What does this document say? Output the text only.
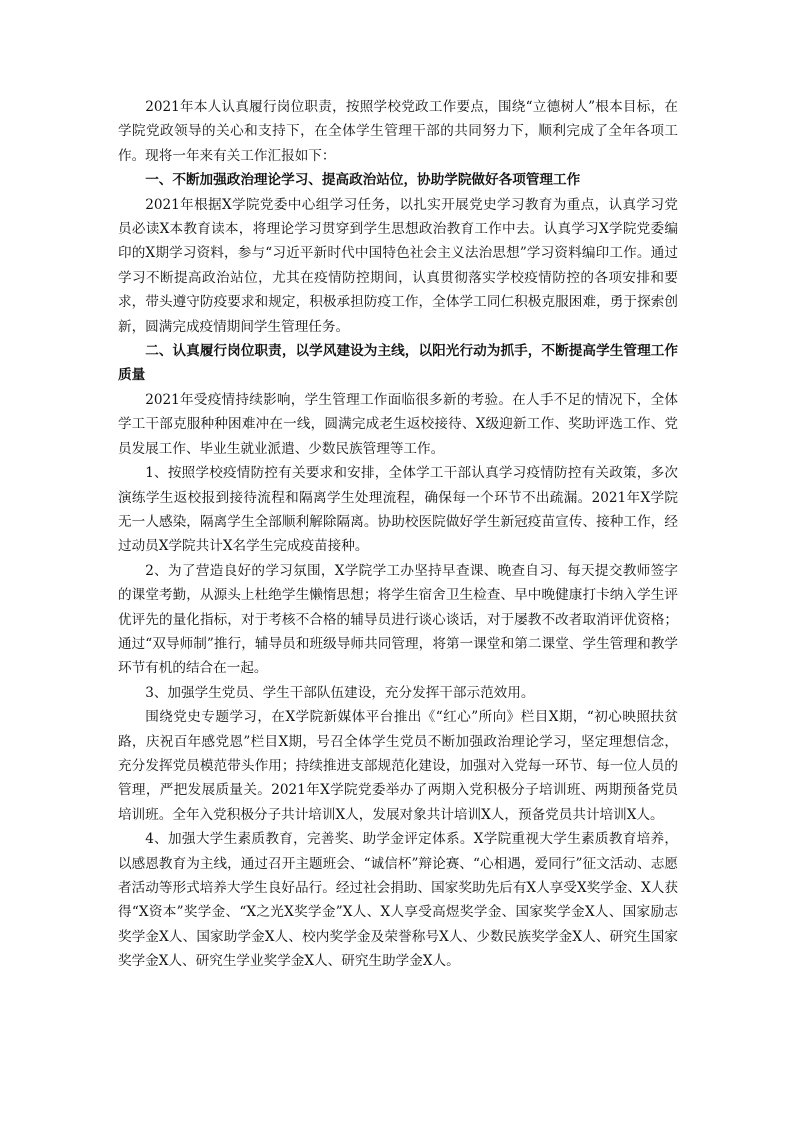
2021年本人认真履行岗位职责，按照学校党政工作要点，围绕“立德树人”根本目标，在学院党政领导的关心和支持下，在全体学生管理干部的共同努力下，顺利完成了全年各项工作。现将一年来有关工作汇报如下：

一、不断加强政治理论学习、提高政治站位，协助学院做好各项管理工作

2021年根据X学院党委中心组学习任务，以扎实开展党史学习教育为重点，认真学习党员必读X本教育读本，将理论学习贯穿到学生思想政治教育工作中去。认真学习X学院党委编印的X期学习资料，参与“习近平新时代中国特色社会主义法治思想”学习资料编印工作。通过学习不断提高政治站位，尤其在疫情防控期间，认真贯彻落实学校疫情防控的各项安排和要求，带头遵守防疫要求和规定，积极承担防疫工作，全体学工同仁积极克服困难，勇于探索创新，圆满完成疫情期间学生管理任务。

二、认真履行岗位职责，以学风建设为主线，以阳光行动为抓手，不断提高学生管理工作质量

2021年受疫情持续影响，学生管理工作面临很多新的考验。在人手不足的情况下，全体学工干部克服种种困难冲在一线，圆满完成老生返校接待、X级迎新工作、奖助评选工作、党员发展工作、毕业生就业派遣、少数民族管理等工作。

1、按照学校疫情防控有关要求和安排，全体学工干部认真学习疫情防控有关政策，多次演练学生返校报到接待流程和隔离学生处理流程，确保每一个环节不出疏漏。2021年X学院无一人感染，隔离学生全部顺利解除隔离。协助校医院做好学生新冠疫苗宣传、接种工作，经过动员X学院共计X名学生完成疫苗接种。

2、为了营造良好的学习氛围，X学院学工办坚持早查课、晚查自习、每天提交教师签字的课堂考勤，从源头上杜绝学生懒惰思想；将学生宿舍卫生检查、早中晚健康打卡纳入学生评优评先的量化指标，对于考核不合格的辅导员进行谈心谈话，对于屡教不改者取消评优资格；通过“双导师制”推行，辅导员和班级导师共同管理，将第一课堂和第二课堂、学生管理和教学环节有机的结合在一起。

3、加强学生党员、学生干部队伍建设，充分发挥干部示范效用。

围绕党史专题学习，在X学院新媒体平台推出《“红心”所向》栏目X期，“初心映照扶贫路，庆祝百年感党恩”栏目X期，号召全体学生党员不断加强政治理论学习，坚定理想信念，充分发挥党员模范带头作用；持续推进支部规范化建设，加强对入党每一环节、每一位人员的管理，严把发展质量关。2021年X学院党委举办了两期入党积极分子培训班、两期预备党员培训班。全年入党积极分子共计培训X人，发展对象共计培训X人，预备党员共计培训X人。

4、加强大学生素质教育，完善奖、助学金评定体系。X学院重视大学生素质教育培养，以感恩教育为主线，通过召开主题班会、“诚信杯”辩论赛、“心相遇，爱同行”征文活动、志愿者活动等形式培养大学生良好品行。经过社会捐助、国家奖助先后有X人享受X奖学金、X人获得“X资本”奖学金、“X之光X奖学金”X人、X人享受高煜奖学金、国家奖学金X人、国家励志奖学金X人、国家助学金X人、校内奖学金及荣誉称号X人、少数民族奖学金X人、研究生国家奖学金X人、研究生学业奖学金X人、研究生助学金X人。
